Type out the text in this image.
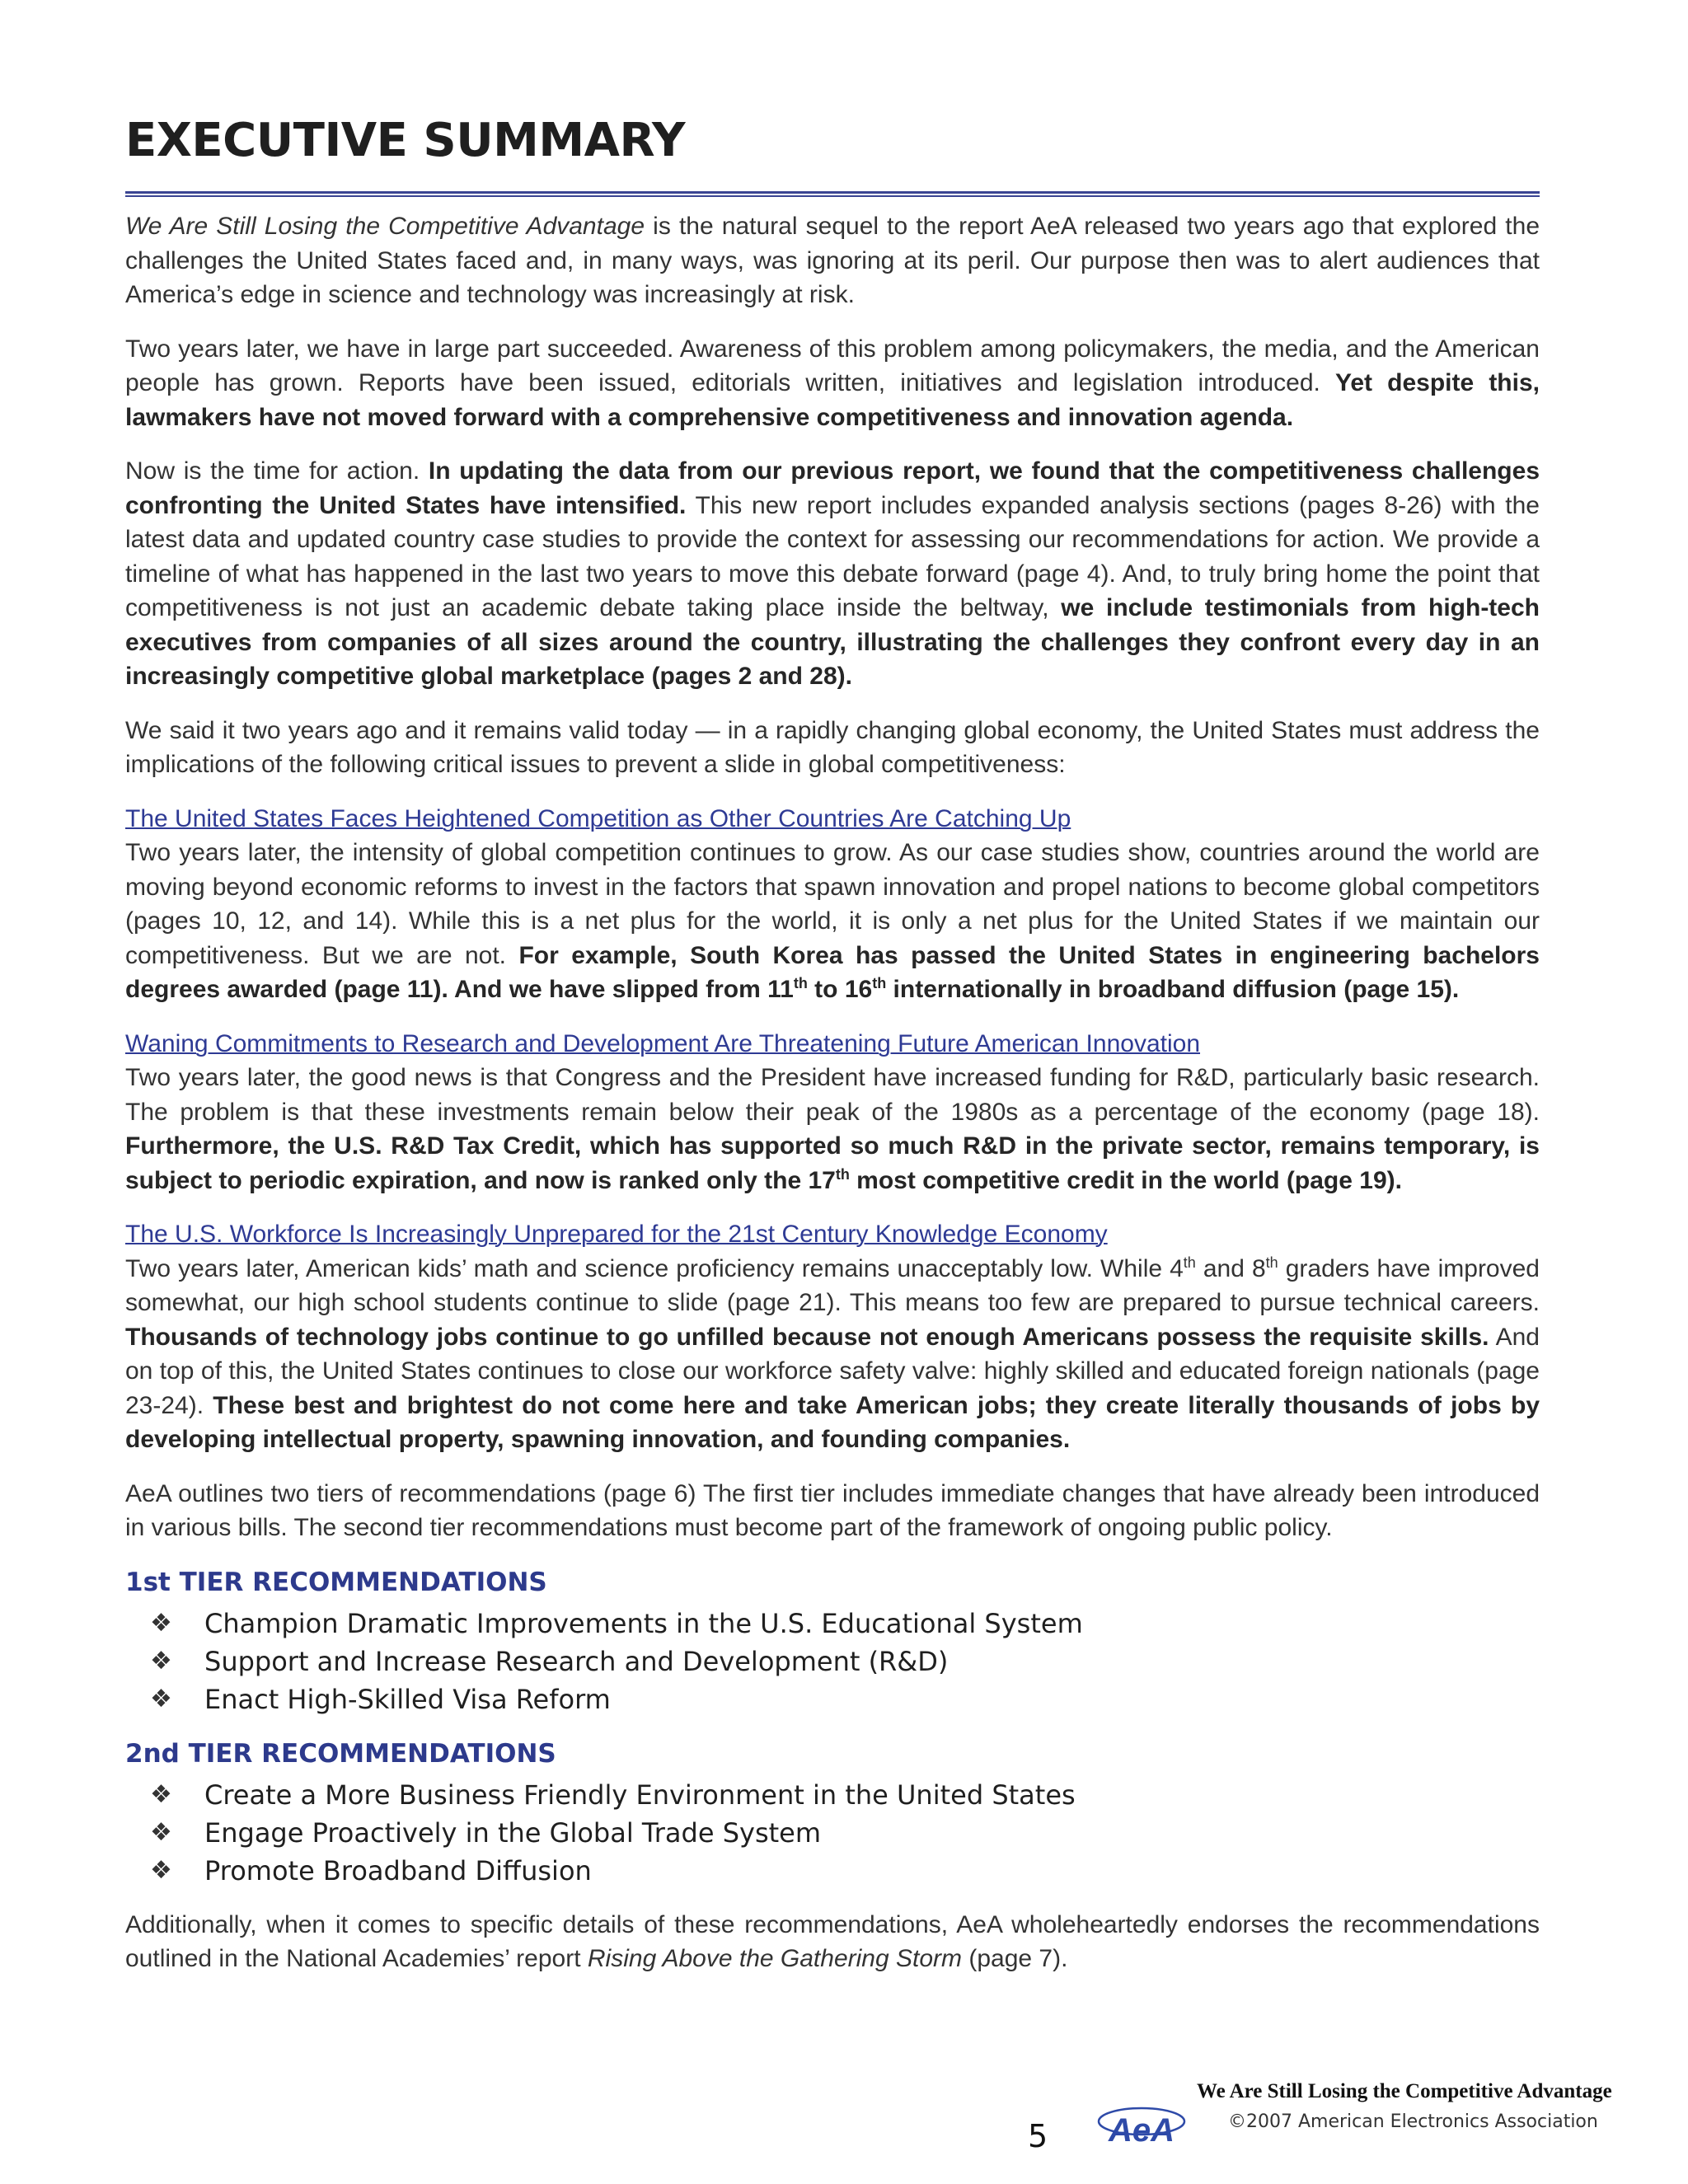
EXECUTIVE SUMMARY

We Are Still Losing the Competitive Advantage is the natural sequel to the report AeA released two years ago that explored the challenges the United States faced and, in many ways, was ignoring at its peril. Our purpose then was to alert audiences that America’s edge in science and technology was increasingly at risk.

Two years later, we have in large part succeeded. Awareness of this problem among policymakers, the media, and the American people has grown. Reports have been issued, editorials written, initiatives and legislation introduced. Yet despite this, lawmakers have not moved forward with a comprehensive competitiveness and innovation agenda.

Now is the time for action. In updating the data from our previous report, we found that the competitiveness challenges confronting the United States have intensified. This new report includes expanded analysis sections (pages 8-26) with the latest data and updated country case studies to provide the context for assessing our recommendations for action. We provide a timeline of what has happened in the last two years to move this debate forward (page 4). And, to truly bring home the point that competitiveness is not just an academic debate taking place inside the beltway, we include testimonials from high-tech executives from companies of all sizes around the country, illustrating the challenges they confront every day in an increasingly competitive global marketplace (pages 2 and 28).

We said it two years ago and it remains valid today — in a rapidly changing global economy, the United States must address the implications of the following critical issues to prevent a slide in global competitiveness:

The United States Faces Heightened Competition as Other Countries Are Catching Up

Two years later, the intensity of global competition continues to grow. As our case studies show, countries around the world are moving beyond economic reforms to invest in the factors that spawn innovation and propel nations to become global competitors (pages 10, 12, and 14). While this is a net plus for the world, it is only a net plus for the United States if we maintain our competitiveness. But we are not. For example, South Korea has passed the United States in engineering bachelors degrees awarded (page 11). And we have slipped from 11th to 16th internationally in broadband diffusion (page 15).

Waning Commitments to Research and Development Are Threatening Future American Innovation

Two years later, the good news is that Congress and the President have increased funding for R&D, particularly basic research. The problem is that these investments remain below their peak of the 1980s as a percentage of the economy (page 18). Furthermore, the U.S. R&D Tax Credit, which has supported so much R&D in the private sector, remains temporary, is subject to periodic expiration, and now is ranked only the 17th most competitive credit in the world (page 19).

The U.S. Workforce Is Increasingly Unprepared for the 21st Century Knowledge Economy

Two years later, American kids’ math and science proficiency remains unacceptably low. While 4th and 8th graders have improved somewhat, our high school students continue to slide (page 21). This means too few are prepared to pursue technical careers. Thousands of technology jobs continue to go unfilled because not enough Americans possess the requisite skills. And on top of this, the United States continues to close our workforce safety valve: highly skilled and educated foreign nationals (page 23-24). These best and brightest do not come here and take American jobs; they create literally thousands of jobs by developing intellectual property, spawning innovation, and founding companies.

AeA outlines two tiers of recommendations (page 6) The first tier includes immediate changes that have already been introduced in various bills. The second tier recommendations must become part of the framework of ongoing public policy.

1st TIER RECOMMENDATIONS
❖	Champion Dramatic Improvements in the U.S. Educational System
❖	Support and Increase Research and Development (R&D)
❖	Enact High-Skilled Visa Reform
2nd TIER RECOMMENDATIONS
❖	Create a More Business Friendly Environment in the United States
❖	Engage Proactively in the Global Trade System
❖	Promote Broadband Diffusion

Additionally, when it comes to specific details of these recommendations, AeA wholeheartedly endorses the recommendations outlined in the National Academies’ report Rising Above the Gathering Storm (page 7).

5 AeA
We Are Still Losing the Competitive Advantage
©2007 American Electronics Association
